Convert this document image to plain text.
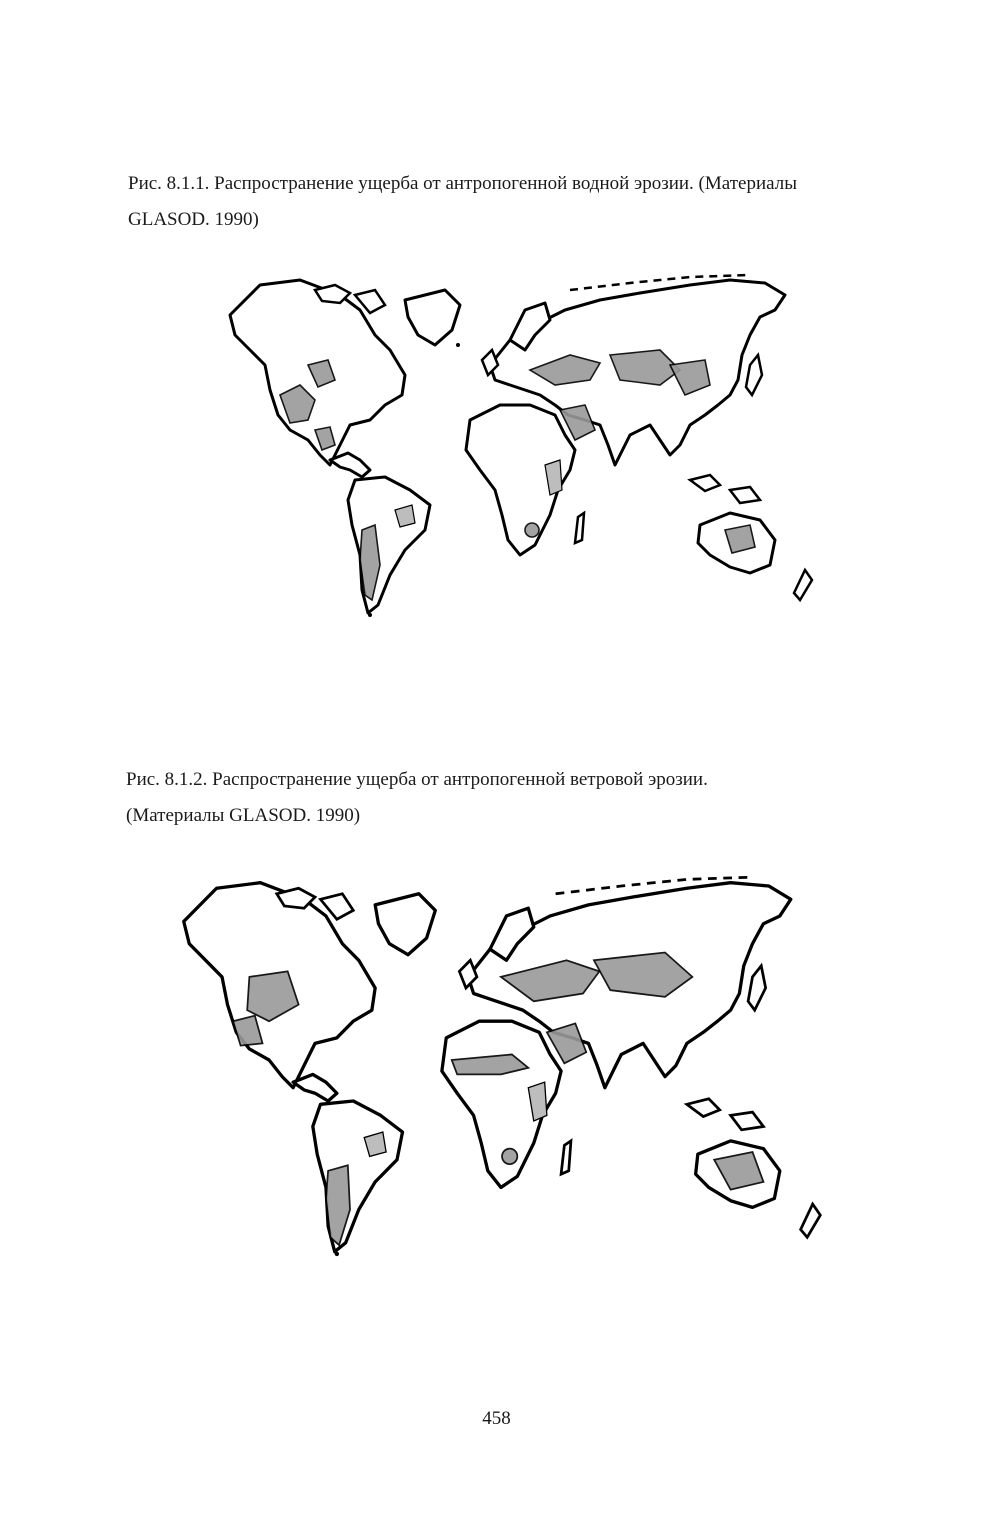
Рис. 8.1.1. Распространение ущерба от антропогенной водной эрозии. (Материалы
GLASOD. 1990)
Рис. 8.1.2. Распространение ущерба от антропогенной ветровой эрозии.
(Материалы GLASOD. 1990)
458
